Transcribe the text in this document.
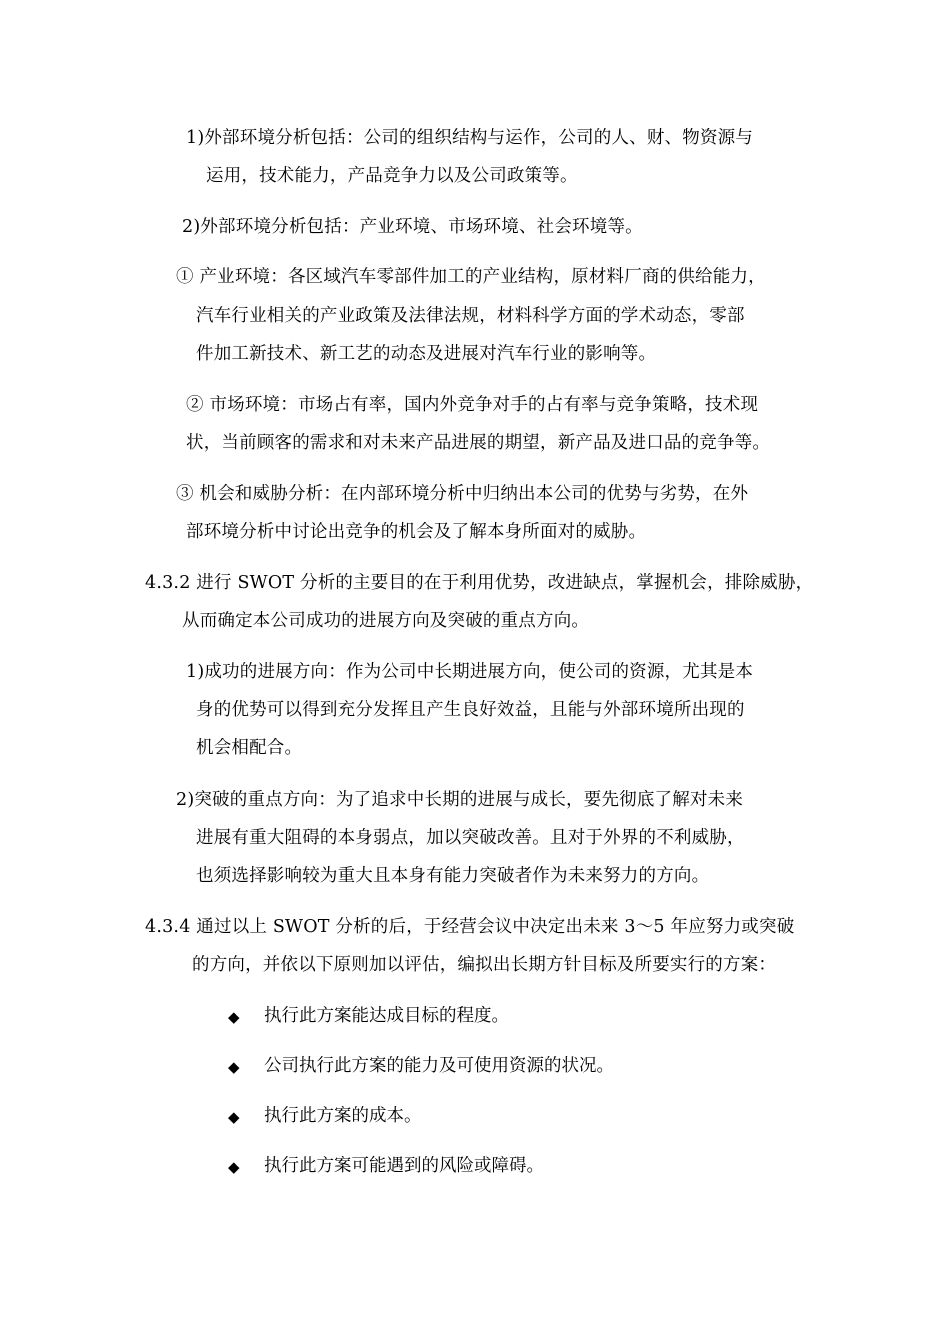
1)外部环境分析包括：公司的组织结构与运作，公司的人、财、物资源与
运用，技术能力，产品竞争力以及公司政策等。
2)外部环境分析包括：产业环境、市场环境、社会环境等。
① 产业环境：各区域汽车零部件加工的产业结构，原材料厂商的供给能力，
汽车行业相关的产业政策及法律法规，材料科学方面的学术动态，零部
件加工新技术、新工艺的动态及进展对汽车行业的影响等。
② 市场环境：市场占有率，国内外竞争对手的占有率与竞争策略，技术现
状，当前顾客的需求和对未来产品进展的期望，新产品及进口品的竞争等。
③ 机会和威胁分析：在内部环境分析中归纳出本公司的优势与劣势，在外
部环境分析中讨论出竞争的机会及了解本身所面对的威胁。
4.3.2 进行 SWOT 分析的主要目的在于利用优势，改进缺点，掌握机会，排除威胁，
从而确定本公司成功的进展方向及突破的重点方向。
1)成功的进展方向：作为公司中长期进展方向，使公司的资源，尤其是本
身的优势可以得到充分发挥且产生良好效益，且能与外部环境所出现的
机会相配合。
2)突破的重点方向：为了追求中长期的进展与成长，要先彻底了解对未来
进展有重大阻碍的本身弱点，加以突破改善。且对于外界的不利威胁，
也须选择影响较为重大且本身有能力突破者作为未来努力的方向。
4.3.4 通过以上 SWOT 分析的后，于经营会议中决定出未来 3～5 年应努力或突破
的方向，并依以下原则加以评估，编拟出长期方针目标及所要实行的方案：
◆ 执行此方案能达成目标的程度。
◆ 公司执行此方案的能力及可使用资源的状况。
◆ 执行此方案的成本。
◆ 执行此方案可能遇到的风险或障碍。
